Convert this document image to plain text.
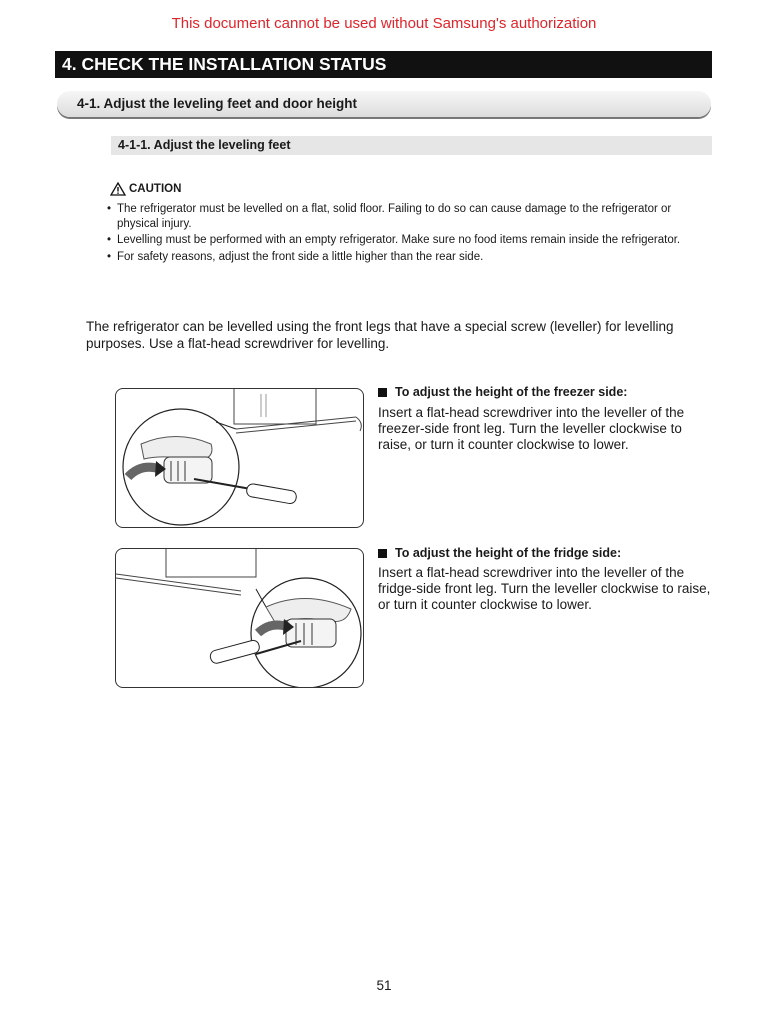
This document cannot be used without Samsung's authorization
4. CHECK THE INSTALLATION STATUS
4-1. Adjust the leveling feet and door height
4-1-1. Adjust the leveling feet
CAUTION
• The refrigerator must be levelled on a flat, solid floor. Failing to do so can cause damage to the refrigerator or physical injury.
• Levelling must be performed with an empty refrigerator. Make sure no food items remain inside the refrigerator.
• For safety reasons, adjust the front side a little higher than the rear side.
The refrigerator can be levelled using the front legs that have a special screw (leveller) for levelling purposes. Use a flat-head screwdriver for levelling.
To adjust the height of the freezer side:
Insert a flat-head screwdriver into the leveller of the freezer-side front leg. Turn the leveller clockwise to raise, or turn it counter clockwise to lower.
To adjust the height of the fridge side:
Insert a flat-head screwdriver into the leveller of the fridge-side front leg. Turn the leveller clockwise to raise, or turn it counter clockwise to lower.
51
